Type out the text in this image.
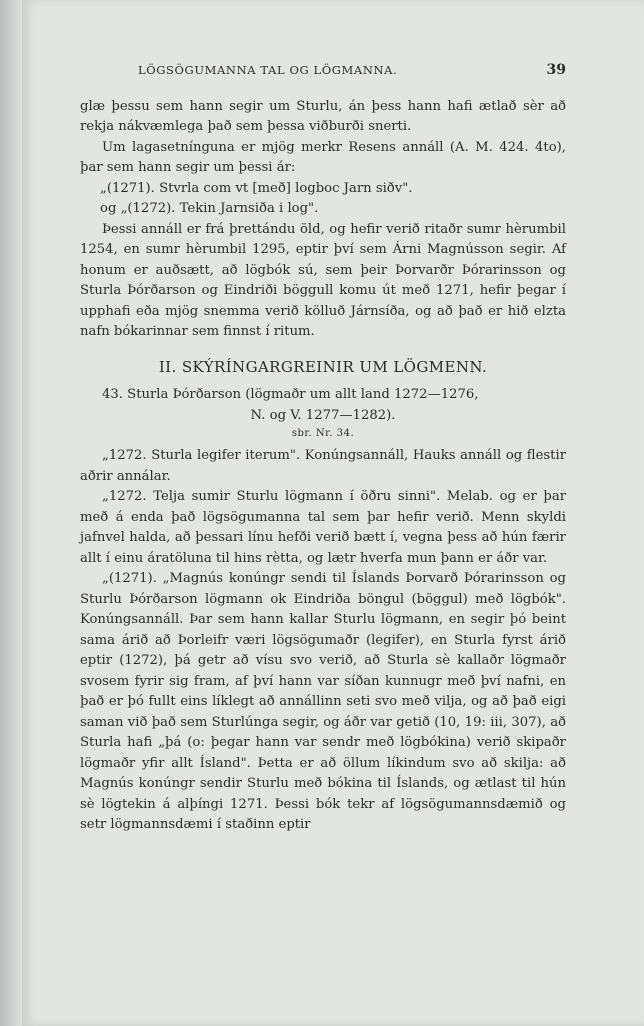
LÖGSÖGUMANNA TAL OG LÖGMANNA.	39

glæ þessu sem hann segir um Sturlu, án þess hann hafi ætlað sèr að rekja nákvæmlega það sem þessa viðburði snerti.

Um lagasetnínguna er mjög merkr Resens annáll (A. M. 424. 4to), þar sem hann segir um þessi ár:

„(1271). Stvrla com vt [með] logboc Jarn siðv".

og „(1272). Tekin Jarnsiða i log".

Þessi annáll er frá þrettándu öld, og hefir verið ritaðr sumr hèrumbil 1254, en sumr hèrumbil 1295, eptir því sem Árni Magnússon segir. Af honum er auðsætt, að lögbók sú, sem þeir Þorvarðr Þórarinsson og Sturla Þórðarson og Eindriði böggull komu út með 1271, hefir þegar í upphafi eða mjög snemma verið kölluð Járnsíða, og að það er hið elzta nafn bókarinnar sem finnst í ritum.

II. SKÝRÍNGARGREINIR UM LÖGMENN.

43. Sturla Þórðarson (lögmaðr um allt land 1272—1276,

N. og V. 1277—1282).

sbr. Nr. 34.

„1272. Sturla legifer iterum". Konúngsannáll, Hauks annáll og flestir aðrir annálar.

„1272. Telja sumir Sturlu lögmann í öðru sinni". Melab. og er þar með á enda það lögsögumanna tal sem þar hefir verið. Menn skyldi jafnvel halda, að þessari línu hefði verið bætt í, vegna þess að hún færir allt í einu áratöluna til hins rètta, og lætr hverfa mun þann er áðr var.

„(1271). „Magnús konúngr sendi til Íslands Þorvarð Þórarinsson og Sturlu Þórðarson lögmann ok Eindriða böngul (böggul) með lögbók". Konúngsannáll. Þar sem hann kallar Sturlu lögmann, en segir þó beint sama árið að Þorleifr væri lögsögumaðr (legifer), en Sturla fyrst árið eptir (1272), þá getr að vísu svo verið, að Sturla sè kallaðr lögmaðr svosem fyrir sig fram, af því hann var síðan kunnugr með því nafni, en það er þó fullt eins líklegt að annállinn seti svo með vilja, og að það eigi saman við það sem Sturlúnga segir, og áðr var getið (10, 19: iii, 307), að Sturla hafi „þá (o: þegar hann var sendr með lögbókina) verið skipaðr lögmaðr yfir allt Ísland". Þetta er að öllum líkindum svo að skilja: að Magnús konúngr sendir Sturlu með bókina til Íslands, og ætlast til hún sè lögtekin á alþíngi 1271. Þessi bók tekr af lögsögumannsdæmið og setr lögmannsdæmi í staðinn eptir
